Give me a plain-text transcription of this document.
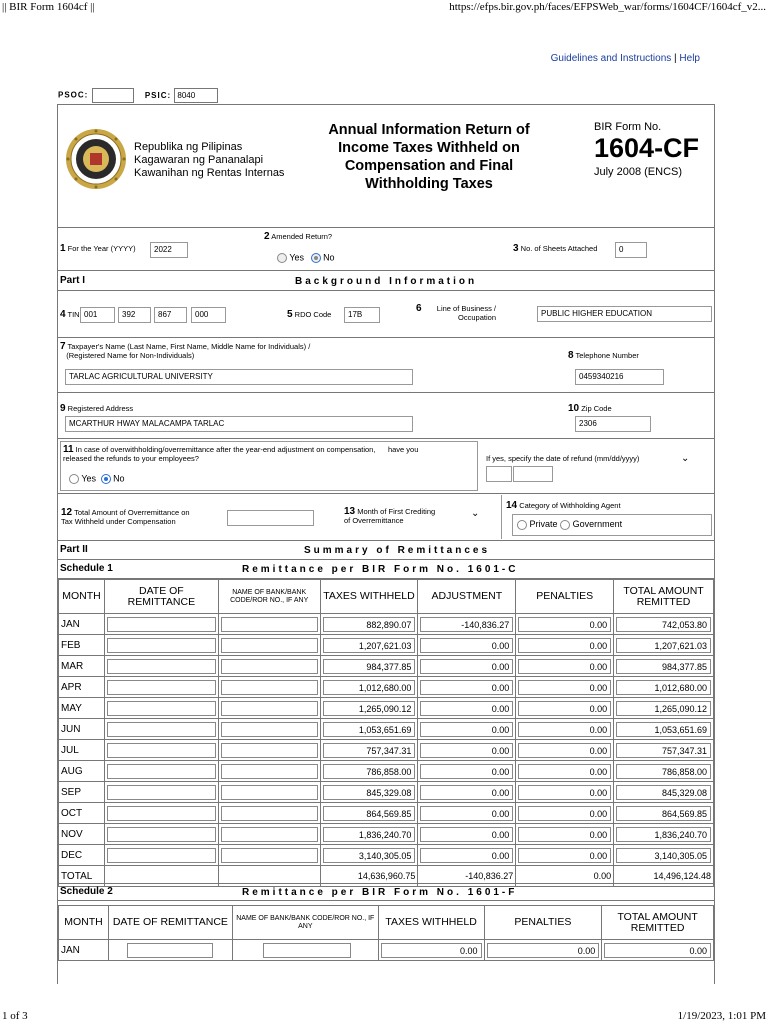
|| BIR Form 1604cf ||	https://efps.bir.gov.ph/faces/EFPSWeb_war/forms/1604CF/1604cf_v2...
Guidelines and Instructions | Help
PSOC:	PSIC: 8040
Republika ng Pilipinas
Kagawaran ng Pananalapi
Kawanihan ng Rentas Internas
Annual Information Return of Income Taxes Withheld on Compensation and Final Withholding Taxes
BIR Form No.
1604-CF
July 2008 (ENCS)
1 For the Year (YYYY)	2022
2 Amended Return?
Yes No
3 No. of Sheets Attached	0
Part I	Background Information
4 TIN 001	392	867	000	5 RDO Code	17B
6 Line of Business /
Occupation	PUBLIC HIGHER EDUCATION
7 Taxpayer's Name (Last Name, First Name, Middle Name for Individuals) /
(Registered Name for Non-Individuals)
TARLAC AGRICULTURAL UNIVERSITY
8 Telephone Number
0459340216
9 Registered Address
MCARTHUR HWAY MALACAMPA TARLAC
10 Zip Code
2306
11 In case of overwithholding/overremittance after the year-end adjustment on compensation, have you
released the refunds to your employees?
Yes No
If yes, specify the date of refund (mm/dd/yyyy)	⌄
12 Total Amount of Overremittance on
Tax Withheld under Compensation
13 Month of First Crediting
of Overremittance
⌄
14 Category of Withholding Agent
Private Government
Part II	Summary of Remittances
Schedule 1	Remittance per BIR Form No. 1601-C
MONTH	DATE OF REMITTANCE	NAME OF BANK/BANK CODE/ROR NO., IF ANY	TAXES WITHHELD	ADJUSTMENT	PENALTIES	TOTAL AMOUNT REMITTED
JAN			882,890.07	-140,836.27	0.00	742,053.80

FEB			1,207,621.03	0.00	0.00	1,207,621.03

MAR			984,377.85	0.00	0.00	984,377.85

APR			1,012,680.00	0.00	0.00	1,012,680.00

MAY			1,265,090.12	0.00	0.00	1,265,090.12

JUN			1,053,651.69	0.00	0.00	1,053,651.69

JUL			757,347.31	0.00	0.00	757,347.31

AUG			786,858.00	0.00	0.00	786,858.00

SEP			845,329.08	0.00	0.00	845,329.08

OCT			864,569.85	0.00	0.00	864,569.85

NOV			1,836,240.70	0.00	0.00	1,836,240.70

DEC			3,140,305.05	0.00	0.00	3,140,305.05

TOTAL			14,636,960.75	-140,836.27	0.00	14,496,124.48
Schedule 2	Remittance per BIR Form No. 1601-F
MONTH	DATE OF REMITTANCE	NAME OF BANK/BANK CODE/ROR NO., IF ANY	TAXES WITHHELD	PENALTIES	TOTAL AMOUNT REMITTED
JAN			0.00	0.00	0.00
1 of 3	1/19/2023, 1:01 PM
